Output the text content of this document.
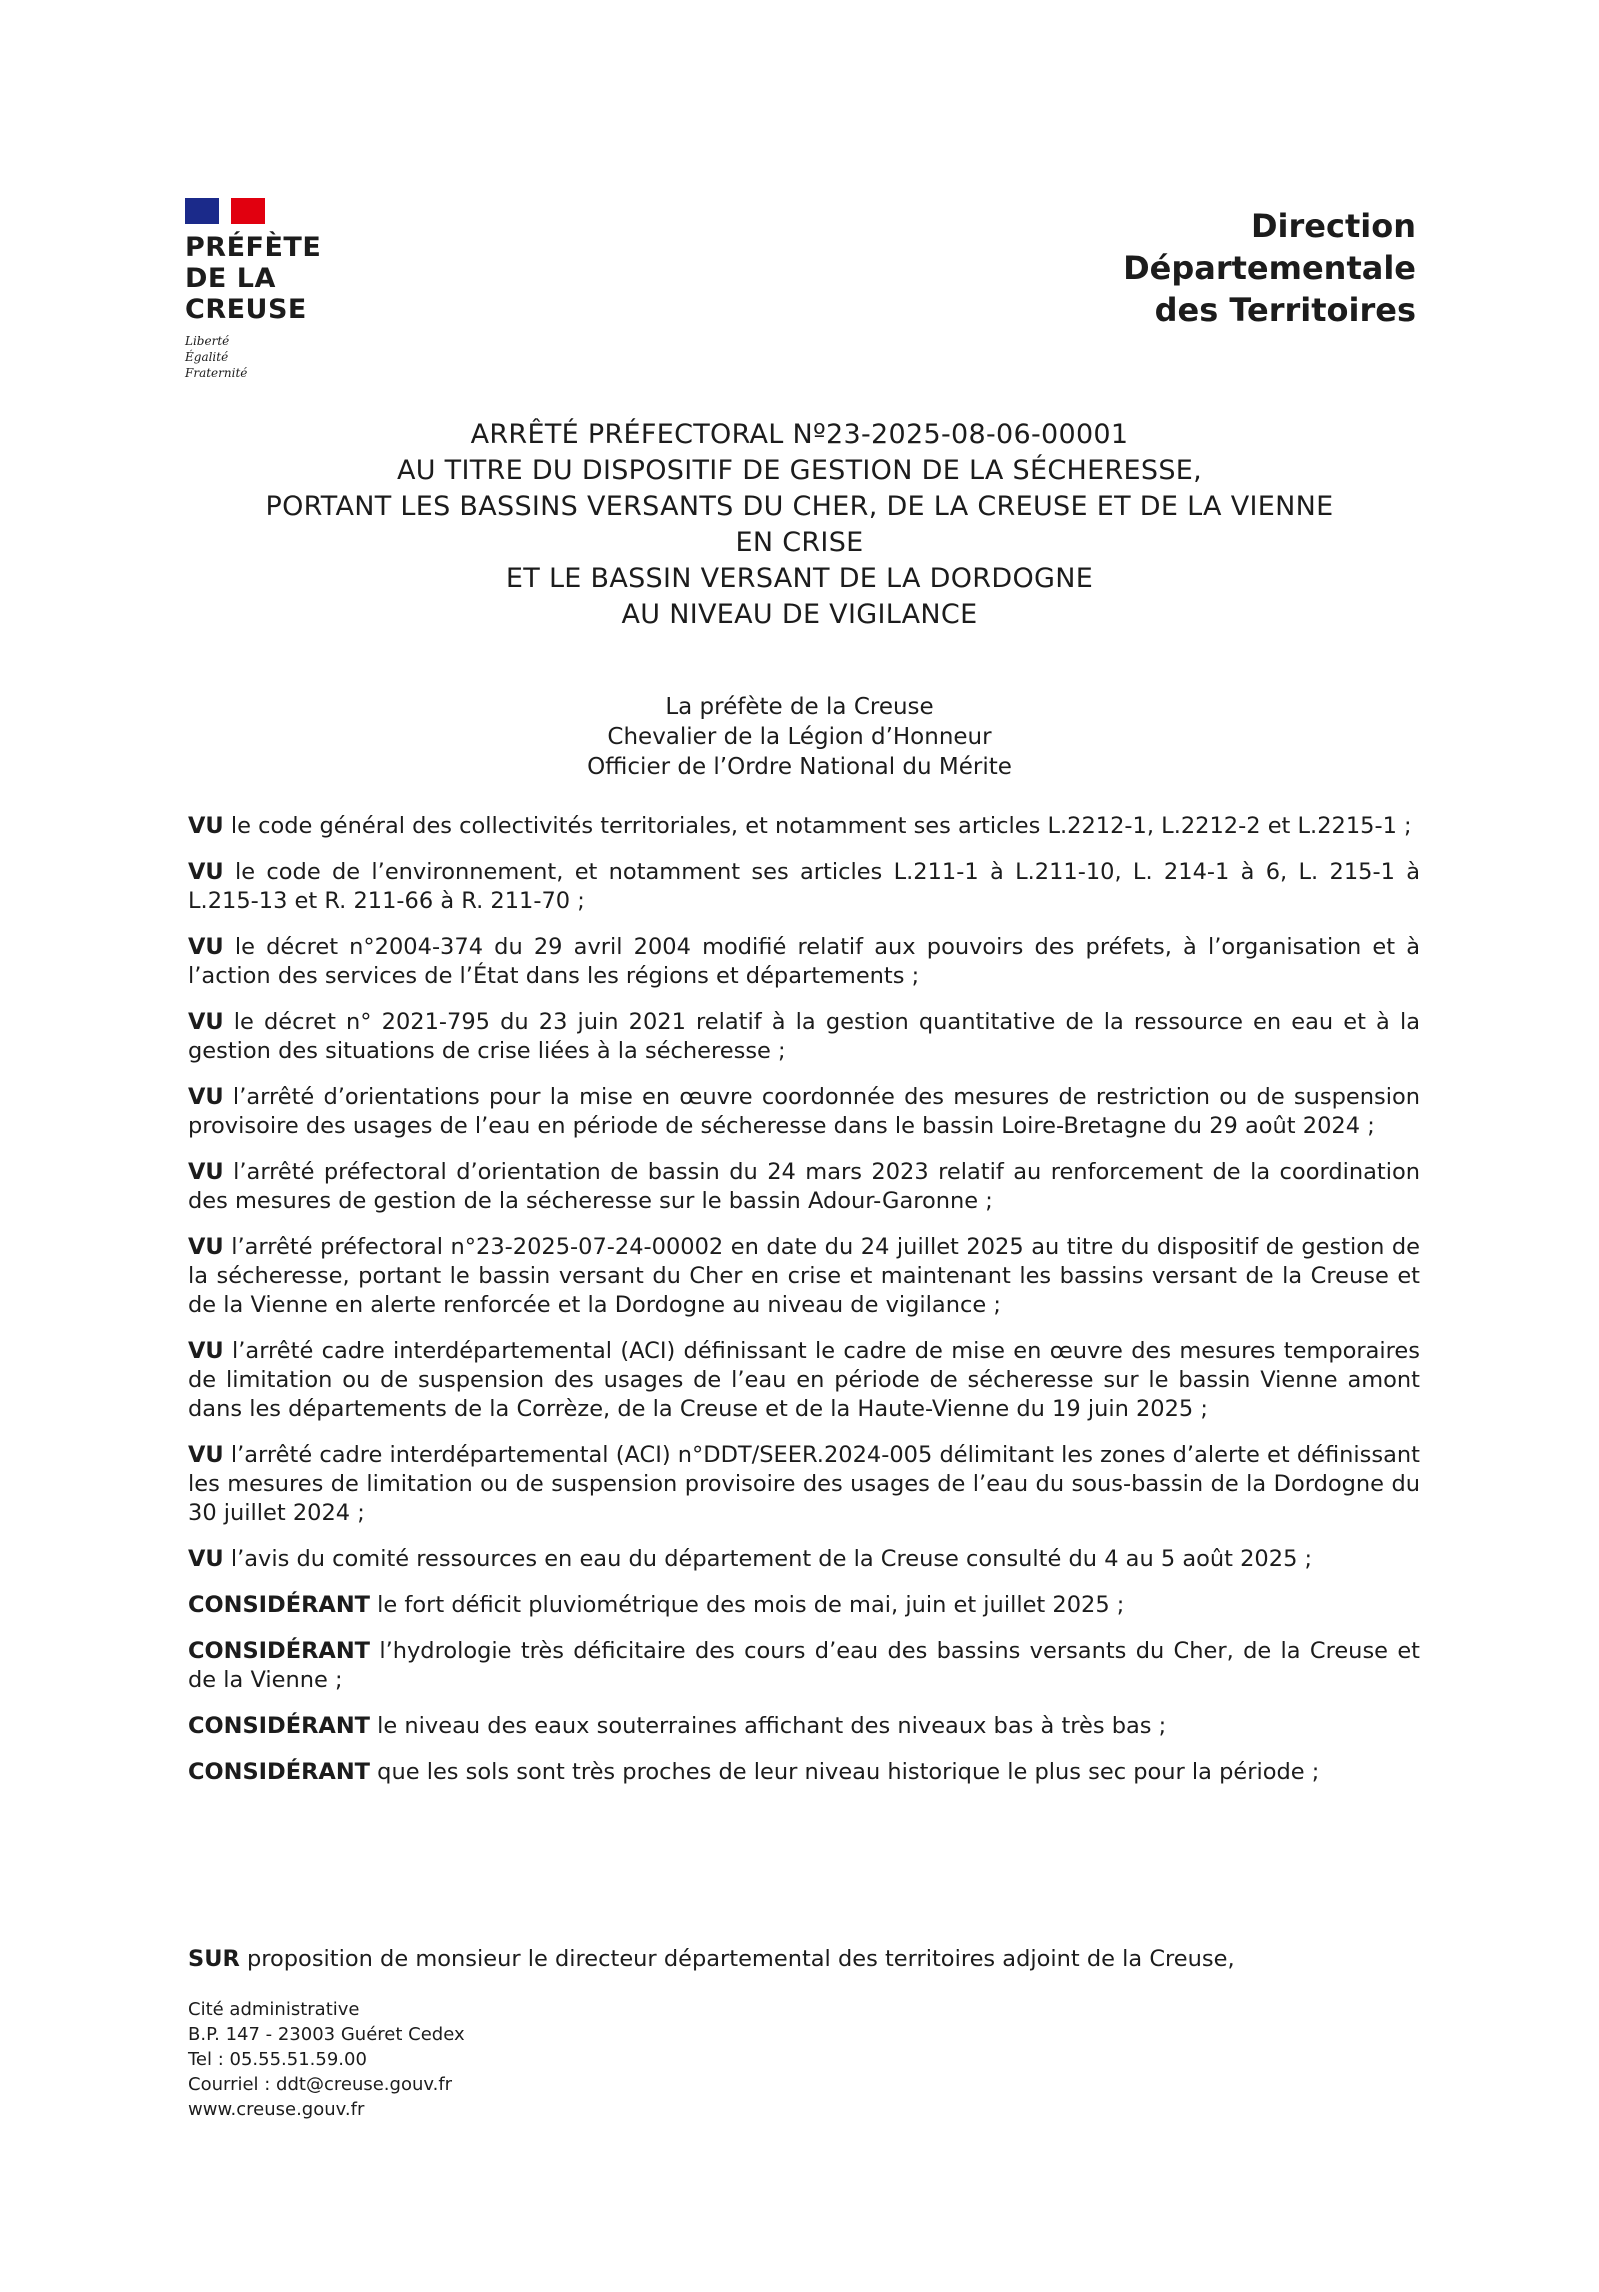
PRÉFÈTE
DE LA CREUSE
Liberté
Égalité
Fraternité
Direction
Départementale
des Territoires
ARRÊTÉ PRÉFECTORAL Nº23-2025-08-06-00001
AU TITRE DU DISPOSITIF DE GESTION DE LA SÉCHERESSE,
PORTANT LES BASSINS VERSANTS DU CHER, DE LA CREUSE ET DE LA VIENNE
EN CRISE
ET LE BASSIN VERSANT DE LA DORDOGNE
AU NIVEAU DE VIGILANCE
La préfète de la Creuse
Chevalier de la Légion d’Honneur
Officier de l’Ordre National du Mérite

VU le code général des collectivités territoriales, et notamment ses articles L.2212-1, L.2212-2 et L.2215-1 ;

VU le code de l’environnement, et notamment ses articles L.211-1 à L.211-10, L. 214-1 à 6, L. 215-1 à L.215-13 et R. 211-66 à R. 211-70 ;

VU le décret n°2004-374 du 29 avril 2004 modifié relatif aux pouvoirs des préfets, à l’organisation et à l’action des services de l’État dans les régions et départements ;

VU le décret n° 2021-795 du 23 juin 2021 relatif à la gestion quantitative de la ressource en eau et à la gestion des situations de crise liées à la sécheresse ;

VU l’arrêté d’orientations pour la mise en œuvre coordonnée des mesures de restriction ou de suspension provisoire des usages de l’eau en période de sécheresse dans le bassin Loire-Bretagne du 29 août 2024 ;

VU l’arrêté préfectoral d’orientation de bassin du 24 mars 2023 relatif au renforcement de la coordination des mesures de gestion de la sécheresse sur le bassin Adour-Garonne ;

VU l’arrêté préfectoral n°23-2025-07-24-00002 en date du 24 juillet 2025 au titre du dispositif de gestion de la sécheresse, portant le bassin versant du Cher en crise et maintenant les bassins versant de la Creuse et de la Vienne en alerte renforcée et la Dordogne au niveau de vigilance ;

VU l’arrêté cadre interdépartemental (ACI) définissant le cadre de mise en œuvre des mesures temporaires de limitation ou de suspension des usages de l’eau en période de sécheresse sur le bassin Vienne amont dans les départements de la Corrèze, de la Creuse et de la Haute-Vienne du 19 juin 2025 ;

VU l’arrêté cadre interdépartemental (ACI) n°DDT/SEER.2024-005 délimitant les zones d’alerte et définissant les mesures de limitation ou de suspension provisoire des usages de l’eau du sous-bassin de la Dordogne du 30 juillet 2024 ;

VU l’avis du comité ressources en eau du département de la Creuse consulté du 4 au 5 août 2025 ;

CONSIDÉRANT le fort déficit pluviométrique des mois de mai, juin et juillet 2025 ;

CONSIDÉRANT l’hydrologie très déficitaire des cours d’eau des bassins versants du Cher, de la Creuse et de la Vienne ;

CONSIDÉRANT le niveau des eaux souterraines affichant des niveaux bas à très bas ;

CONSIDÉRANT que les sols sont très proches de leur niveau historique le plus sec pour la période ;

SUR proposition de monsieur le directeur départemental des territoires adjoint de la Creuse,
Cité administrative
B.P. 147 - 23003 Guéret Cedex
Tel : 05.55.51.59.00
Courriel : ddt@creuse.gouv.fr
www.creuse.gouv.fr
